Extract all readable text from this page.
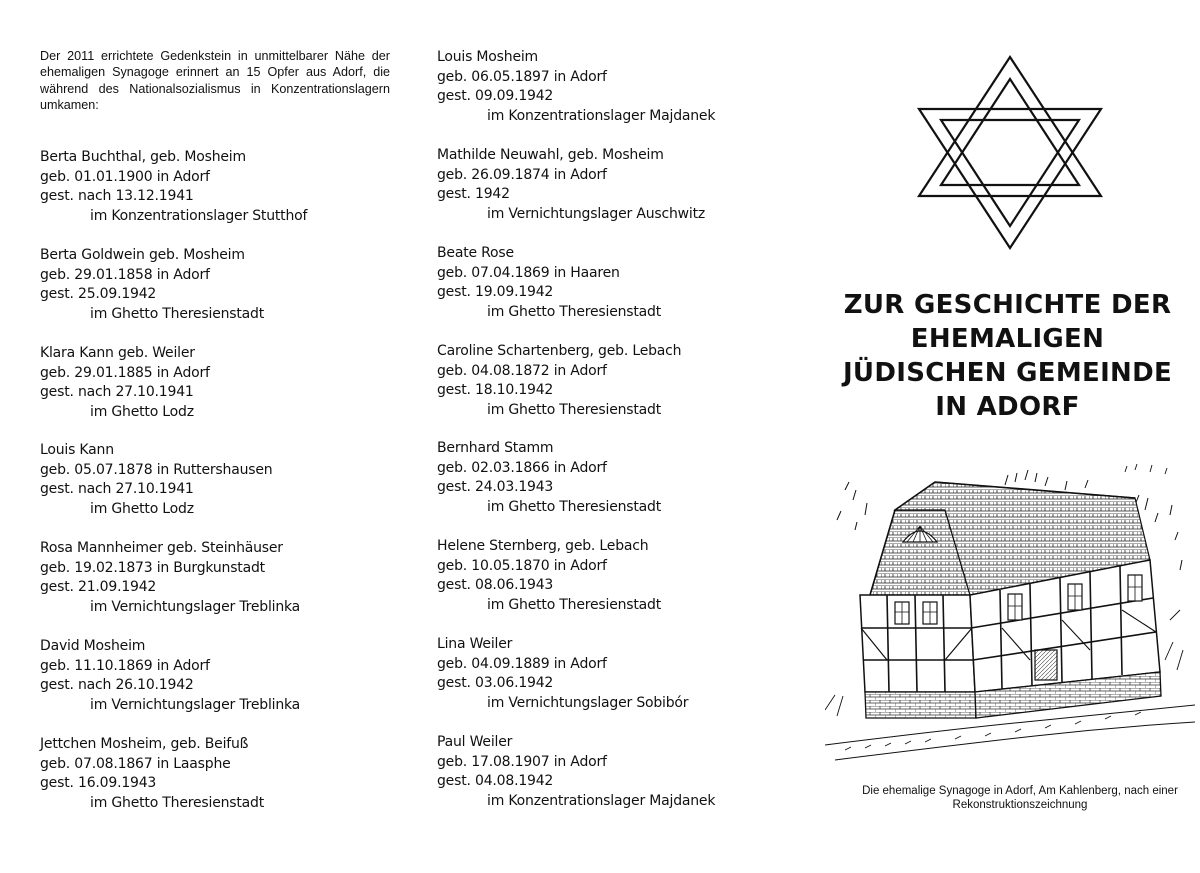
Der 2011 errichtete Gedenkstein in unmittelbarer Nähe der ehemaligen Synagoge erinnert an 15 Opfer aus Adorf, die während des Nationalsozialismus in Konzentrationslagern umkamen:
Berta Buchthal, geb. Mosheim
geb. 01.01.1900 in Adorf
gest. nach 13.12.1941
im Konzentrationslager Stutthof
Berta Goldwein geb. Mosheim
geb. 29.01.1858 in Adorf
gest. 25.09.1942
im Ghetto Theresienstadt
Klara Kann geb. Weiler
geb. 29.01.1885 in Adorf
gest. nach 27.10.1941
im Ghetto Lodz
Louis Kann
geb. 05.07.1878 in Ruttershausen
gest. nach 27.10.1941
im Ghetto Lodz
Rosa Mannheimer geb. Steinhäuser
geb. 19.02.1873 in Burgkunstadt
gest. 21.09.1942
im Vernichtungslager Treblinka
David Mosheim
geb. 11.10.1869 in Adorf
gest. nach 26.10.1942
im Vernichtungslager Treblinka
Jettchen Mosheim, geb. Beifuß
geb. 07.08.1867 in Laasphe
gest. 16.09.1943
im Ghetto Theresienstadt
Louis Mosheim
geb. 06.05.1897 in Adorf
gest. 09.09.1942
im Konzentrationslager Majdanek
Mathilde Neuwahl, geb. Mosheim
geb. 26.09.1874 in Adorf
gest. 1942
im Vernichtungslager Auschwitz
Beate Rose
geb. 07.04.1869 in Haaren
gest. 19.09.1942
im Ghetto Theresienstadt
Caroline Schartenberg, geb. Lebach
geb. 04.08.1872 in Adorf
gest. 18.10.1942
im Ghetto Theresienstadt
Bernhard Stamm
geb. 02.03.1866 in Adorf
gest. 24.03.1943
im Ghetto Theresienstadt
Helene Sternberg, geb. Lebach
geb. 10.05.1870 in Adorf
gest. 08.06.1943
im Ghetto Theresienstadt
Lina Weiler
geb. 04.09.1889 in Adorf
gest. 03.06.1942
im Vernichtungslager Sobibór
Paul Weiler
geb. 17.08.1907 in Adorf
gest. 04.08.1942
im Konzentrationslager Majdanek
ZUR GESCHICHTE DER
EHEMALIGEN
JÜDISCHEN GEMEINDE
IN ADORF
Die ehemalige Synagoge in Adorf, Am Kahlenberg, nach einer Rekonstruktionszeichnung
